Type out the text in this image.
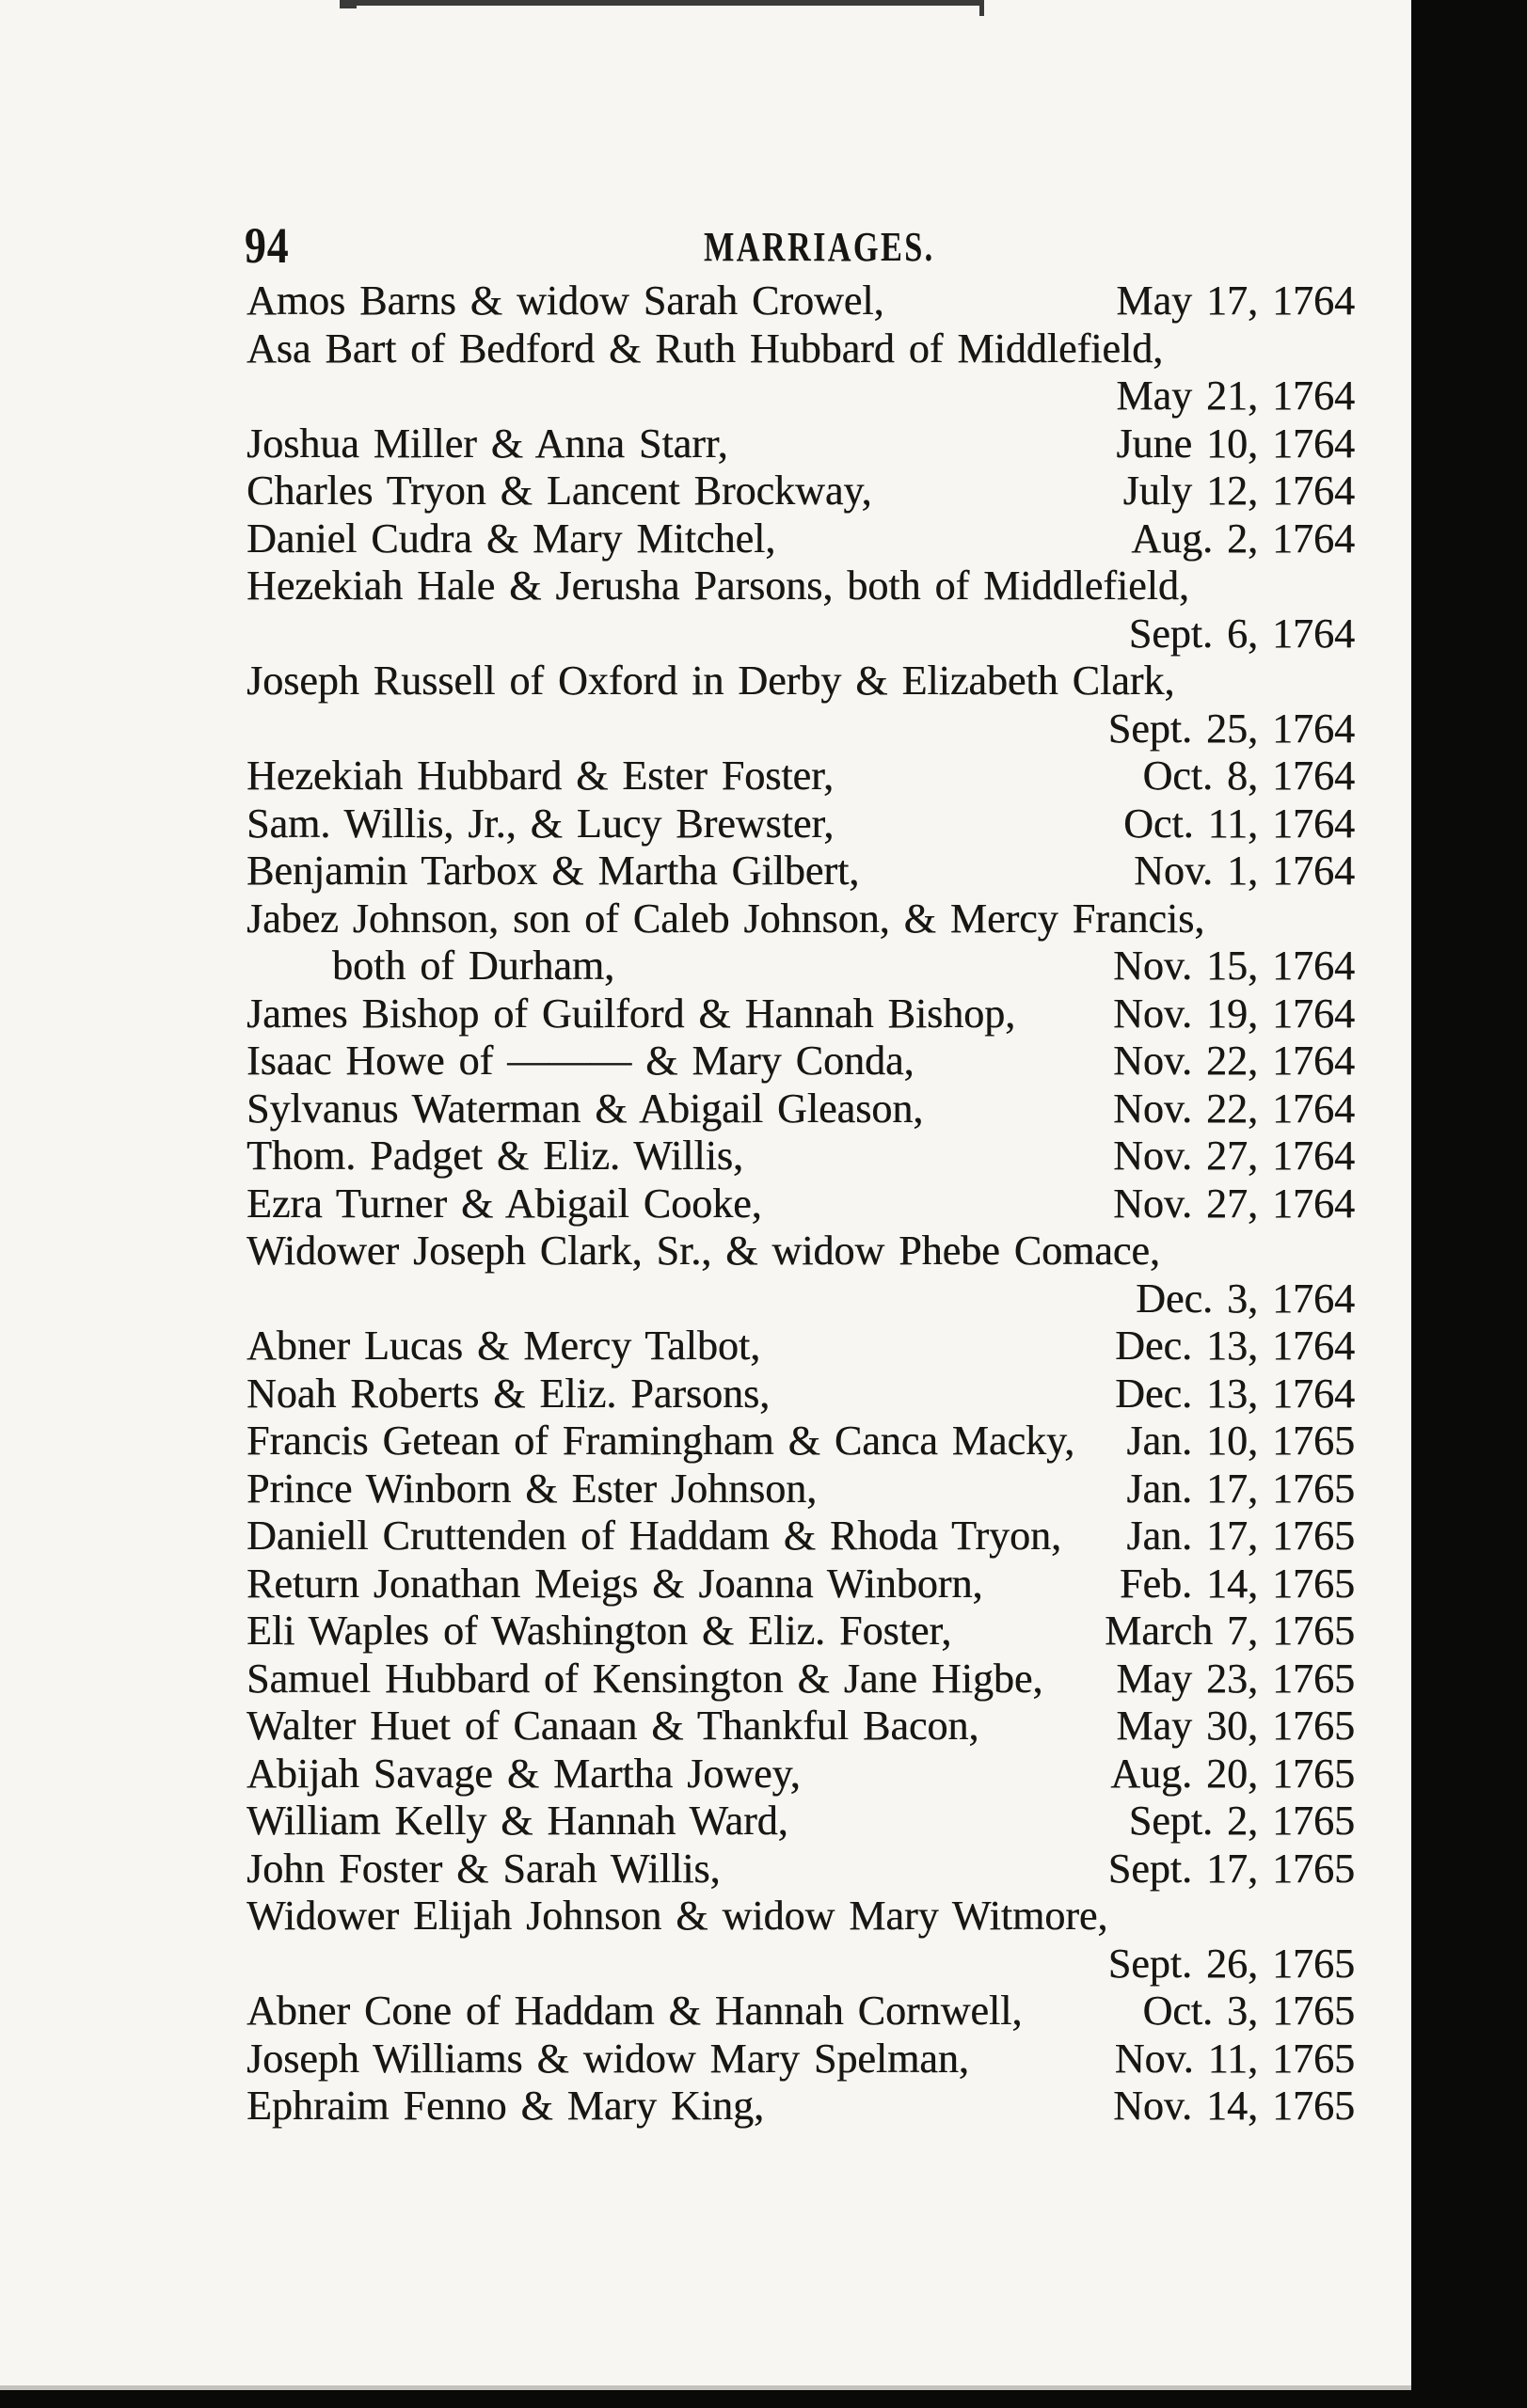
94	MARRIAGES.
Amos Barns & widow Sarah Crowel,	May 17, 1764
Asa Bart of Bedford & Ruth Hubbard of Middlefield,
May 21, 1764
Joshua Miller & Anna Starr,	June 10, 1764
Charles Tryon & Lancent Brockway,	July 12, 1764
Daniel Cudra & Mary Mitchel,	Aug. 2, 1764
Hezekiah Hale & Jerusha Parsons, both of Middlefield,
Sept. 6, 1764
Joseph Russell of Oxford in Derby & Elizabeth Clark,
Sept. 25, 1764
Hezekiah Hubbard & Ester Foster,	Oct. 8, 1764
Sam. Willis, Jr., & Lucy Brewster,	Oct. 11, 1764
Benjamin Tarbox & Martha Gilbert,	Nov. 1, 1764
Jabez Johnson, son of Caleb Johnson, & Mercy Francis,
both of Durham,	Nov. 15, 1764
James Bishop of Guilford & Hannah Bishop, Nov. 19, 1764
Isaac Howe of ——— & Mary Conda,	Nov. 22, 1764
Sylvanus Waterman & Abigail Gleason,	Nov. 22, 1764
Thom. Padget & Eliz. Willis,	Nov. 27, 1764
Ezra Turner & Abigail Cooke,	Nov. 27, 1764
Widower Joseph Clark, Sr., & widow Phebe Comace,
Dec. 3, 1764
Abner Lucas & Mercy Talbot,	Dec. 13, 1764
Noah Roberts & Eliz. Parsons,	Dec. 13, 1764
Francis Getean of Framingham & Canca Macky, Jan. 10, 1765
Prince Winborn & Ester Johnson,	Jan. 17, 1765
Daniell Cruttenden of Haddam & Rhoda Tryon, Jan. 17, 1765
Return Jonathan Meigs & Joanna Winborn,	Feb. 14, 1765
Eli Waples of Washington & Eliz. Foster,	March 7, 1765
Samuel Hubbard of Kensington & Jane Higbe, May 23, 1765
Walter Huet of Canaan & Thankful Bacon,	May 30, 1765
Abijah Savage & Martha Jowey,	Aug. 20, 1765
William Kelly & Hannah Ward,	Sept. 2, 1765
John Foster & Sarah Willis,	Sept. 17, 1765
Widower Elijah Johnson & widow Mary Witmore,
Sept. 26, 1765
Abner Cone of Haddam & Hannah Cornwell,	Oct. 3, 1765
Joseph Williams & widow Mary Spelman,	Nov. 11, 1765
Ephraim Fenno & Mary King,	Nov. 14, 1765
